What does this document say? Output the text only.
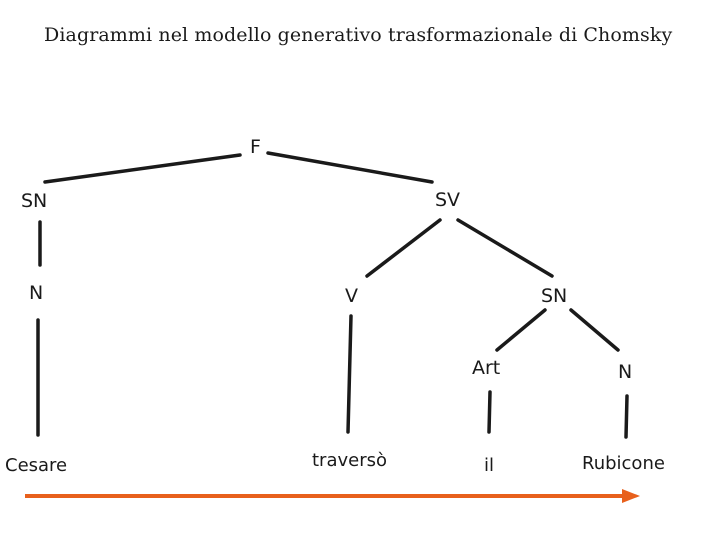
Diagrammi nel modello generativo trasformazionale di Chomsky
F
SN
N
SV
V	SN
Art	N
Cesare	traversò	il	Rubicone
